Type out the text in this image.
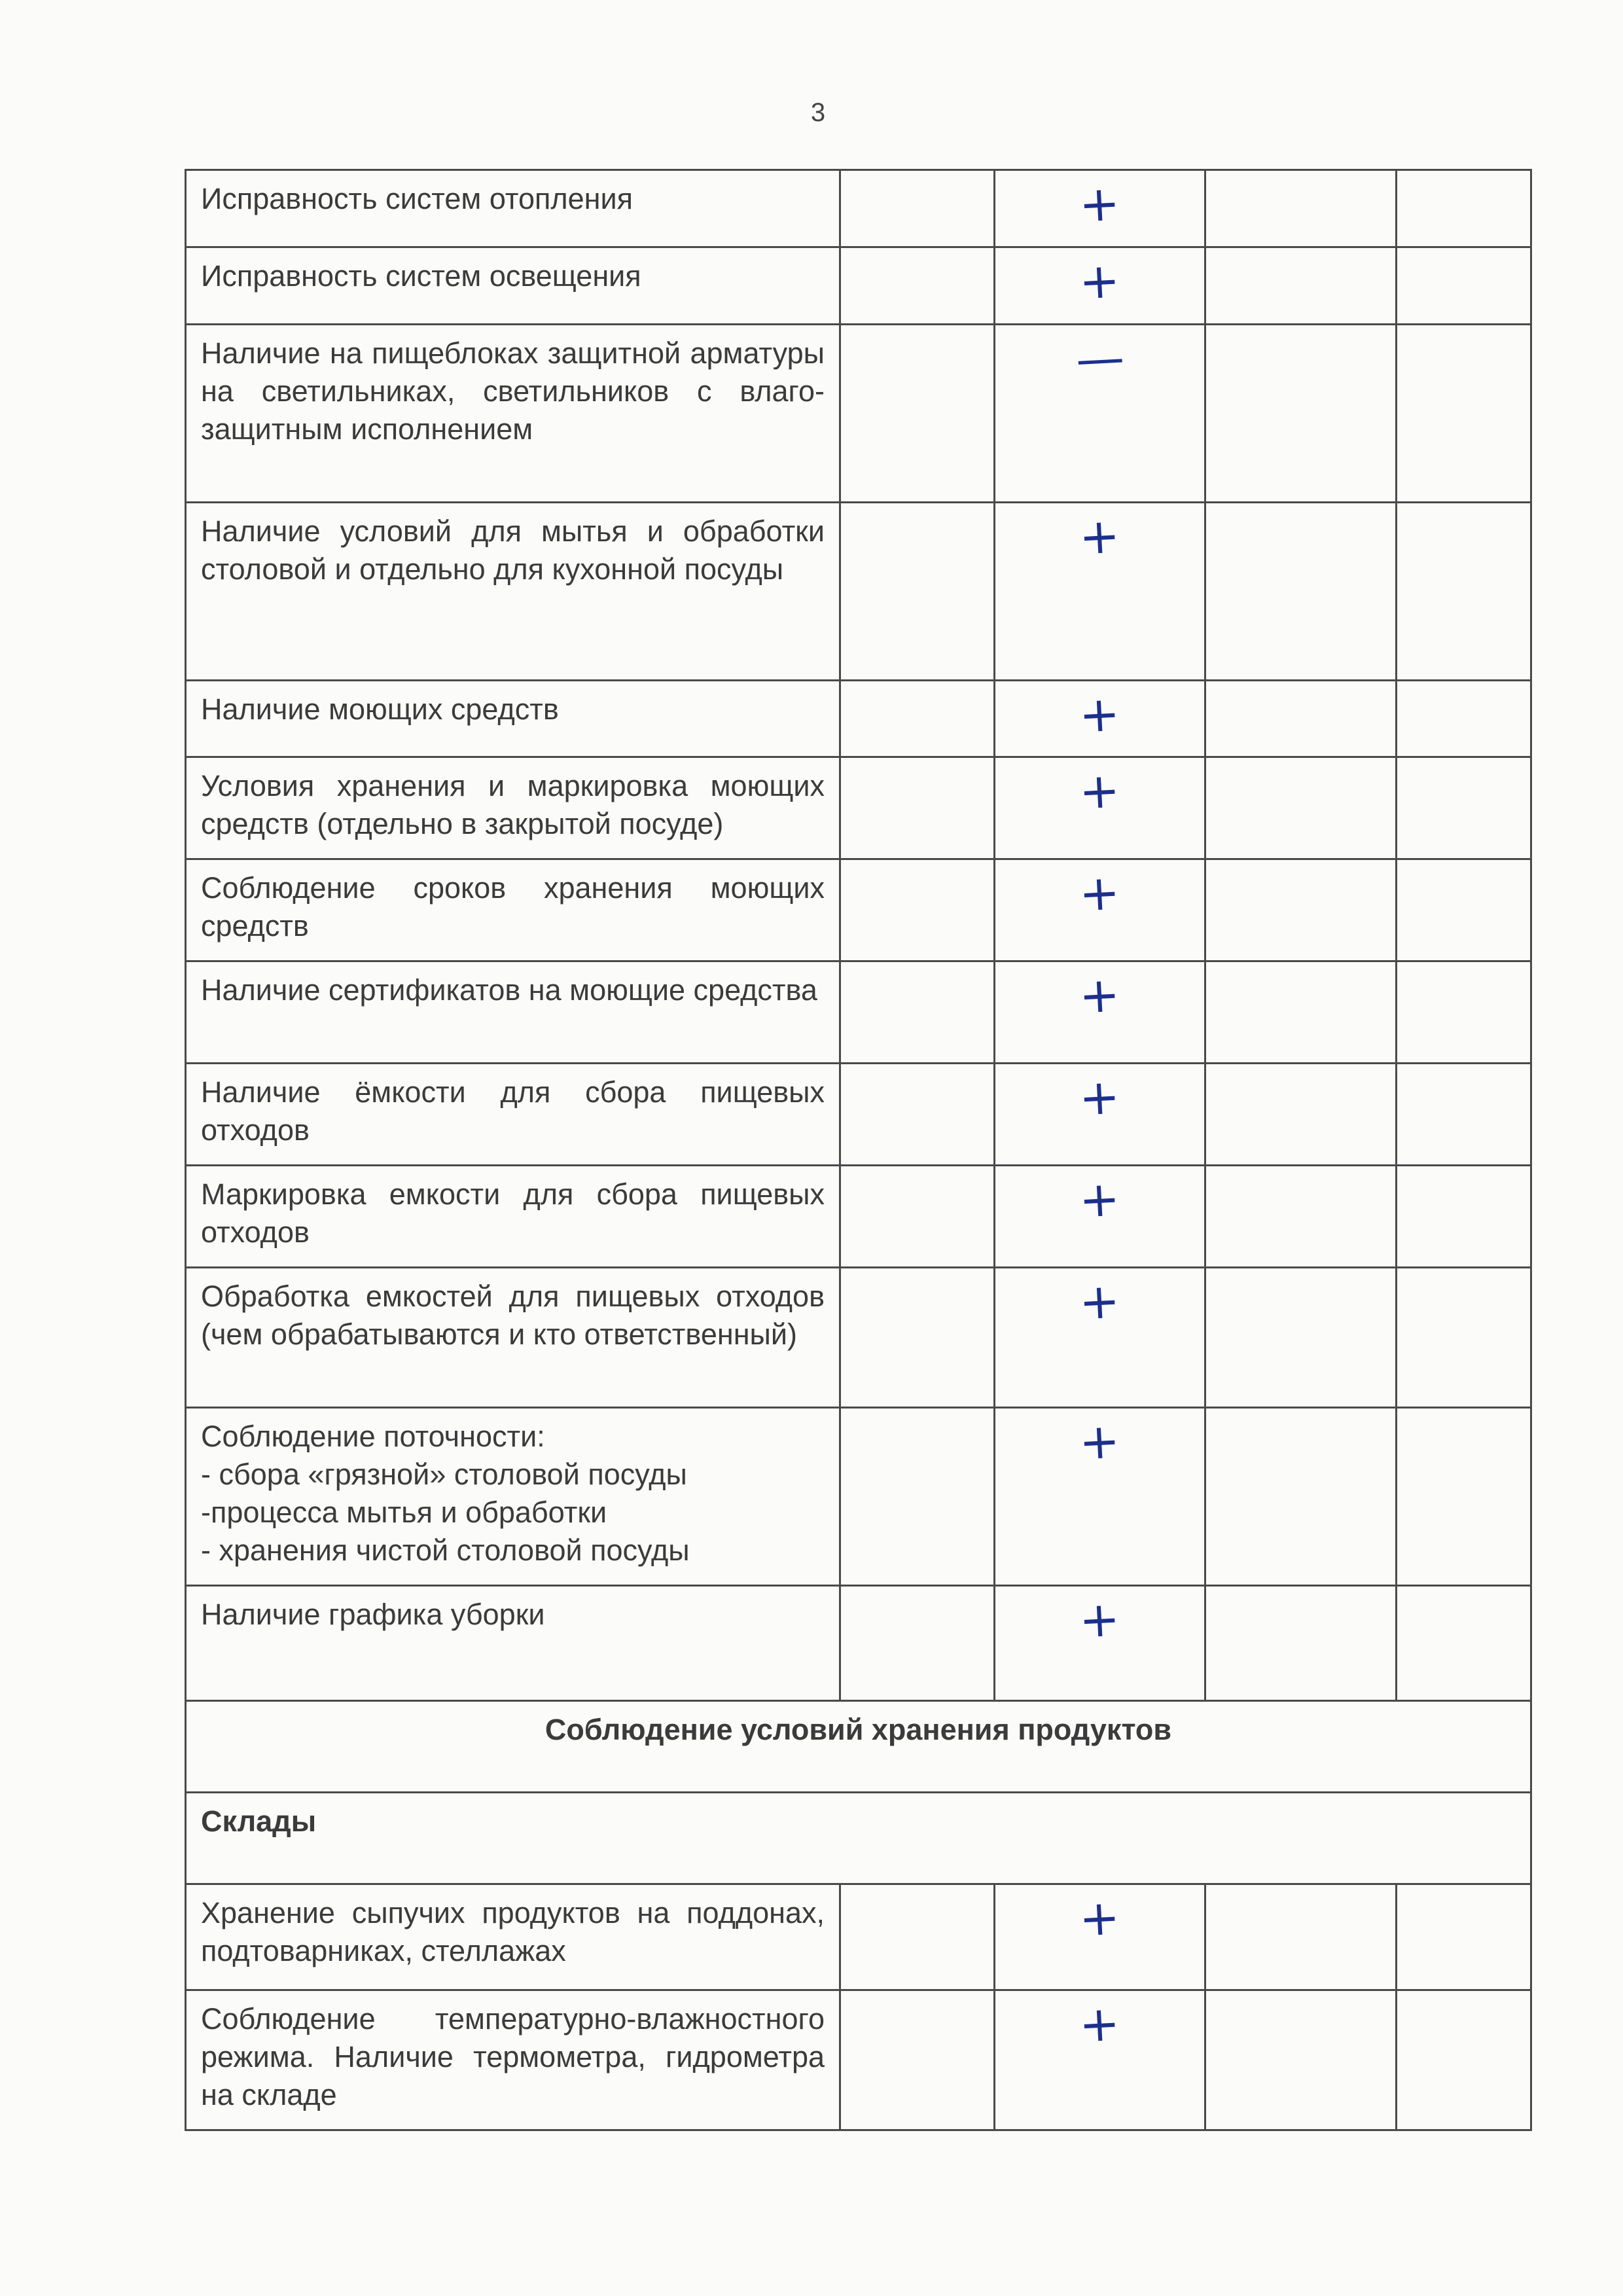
3
Исправность систем отопления		+		
Исправность систем освещения		+		
Наличие на пищеблоках защитной арматуры на светильниках, светильников с влаго-защитным исполнением		—		
Наличие условий для мытья и обработки столовой и отдельно для кухонной посуды		+		
Наличие моющих средств		+		
Условия хранения и маркировка моющих средств (отдельно в закрытой посуде)		+		
Соблюдение сроков хранения моющих средств		+		
Наличие сертификатов на моющие средства		+		
Наличие ёмкости для сбора пищевых отходов		+		
Маркировка емкости для сбора пищевых отходов		+		
Обработка емкостей для пищевых отходов (чем обрабатываются и кто ответственный)		+		

Соблюдение поточности:
- сбора «грязной» столовой посуды
-процесса мытья и обработки
- хранения чистой столовой посуды		+		
Наличие графика уборки		+		
Соблюдение условий хранения продуктов				
Склады				
Хранение сыпучих продуктов на поддонах, подтоварниках, стеллажах		+		
Соблюдение температурно-влажностного режима. Наличие термометра, гидрометра на складе		+		
